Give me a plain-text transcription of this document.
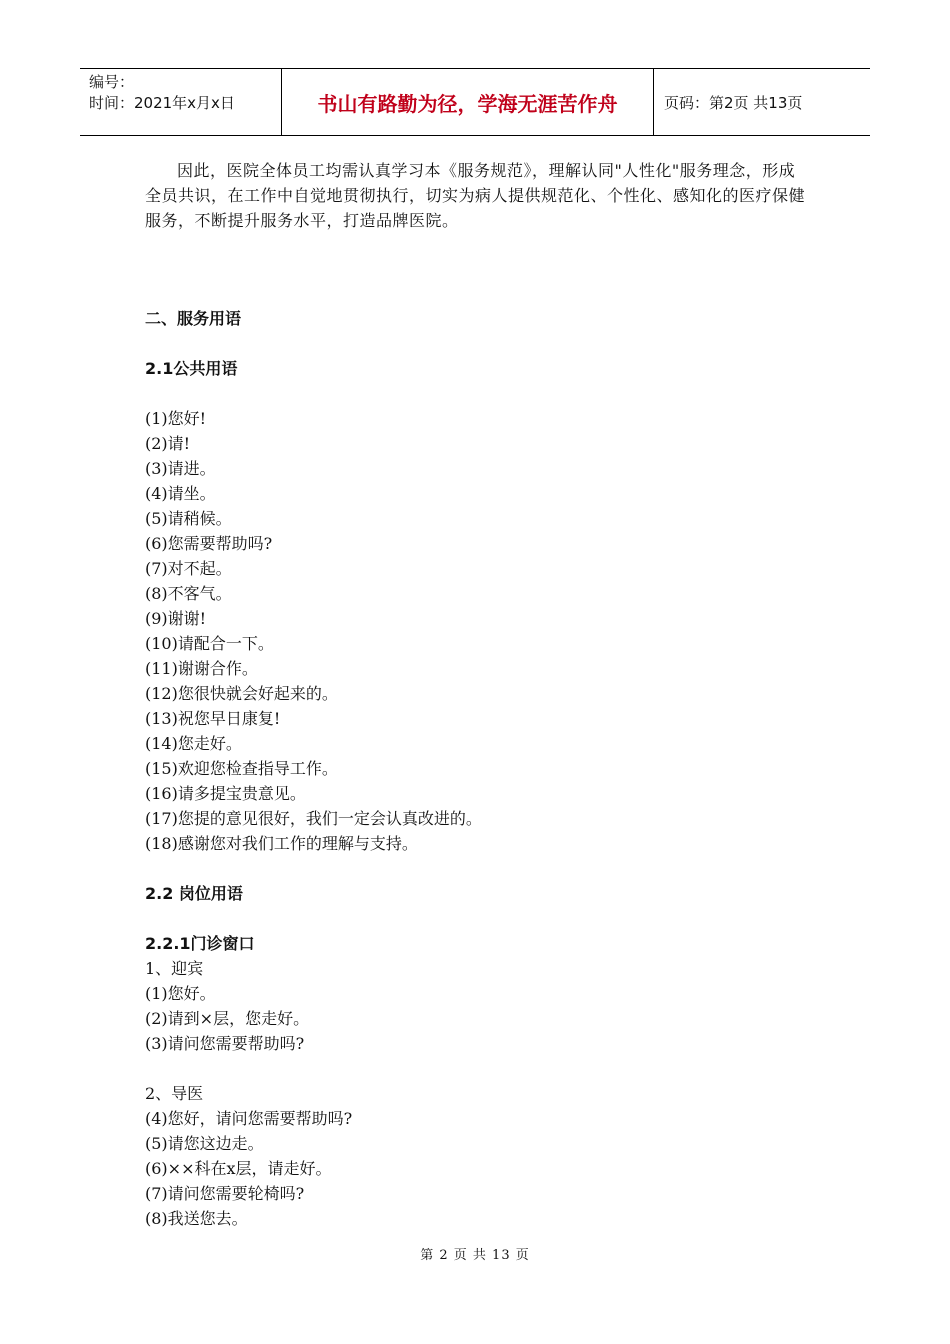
编号：
时间：2021年x月x日	书山有路勤为径，学海无涯苦作舟	页码：第2页 共13页

因此，医院全体员工均需认真学习本《服务规范》，理解认同"人性化"服务理念，形成全员共识，在工作中自觉地贯彻执行，切实为病人提供规范化、个性化、感知化的医疗保健服务，不断提升服务水平，打造品牌医院。

二、服务用语

2.1公共用语

(1)您好!

(2)请!

(3)请进。

(4)请坐。

(5)请稍候。

(6)您需要帮助吗?

(7)对不起。

(8)不客气。

(9)谢谢!

(10)请配合一下。

(11)谢谢合作。

(12)您很快就会好起来的。

(13)祝您早日康复!

(14)您走好。

(15)欢迎您检查指导工作。

(16)请多提宝贵意见。

(17)您提的意见很好，我们一定会认真改进的。

(18)感谢您对我们工作的理解与支持。

2.2 岗位用语

2.2.1门诊窗口

1、迎宾

(1)您好。

(2)请到×层，您走好。

(3)请问您需要帮助吗?

2、导医

(4)您好，请问您需要帮助吗?

(5)请您这边走。

(6)××科在x层，请走好。

(7)请问您需要轮椅吗?

(8)我送您去。

第 2 页 共 13 页
